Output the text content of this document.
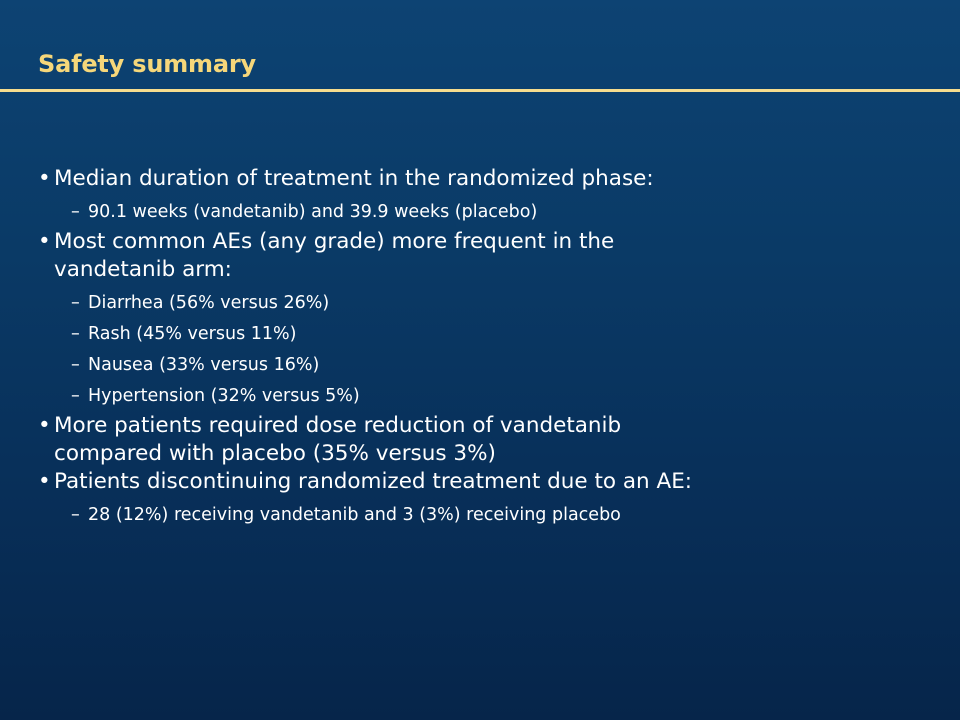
Safety summary
• Median duration of treatment in the randomized phase:
– 90.1 weeks (vandetanib) and 39.9 weeks (placebo)
• Most common AEs (any grade) more frequent in the
vandetanib arm:
– Diarrhea (56% versus 26%)
– Rash (45% versus 11%)
– Nausea (33% versus 16%)
– Hypertension (32% versus 5%)
• More patients required dose reduction of vandetanib
compared with placebo (35% versus 3%)
• Patients discontinuing randomized treatment due to an AE:
– 28 (12%) receiving vandetanib and 3 (3%) receiving placebo
